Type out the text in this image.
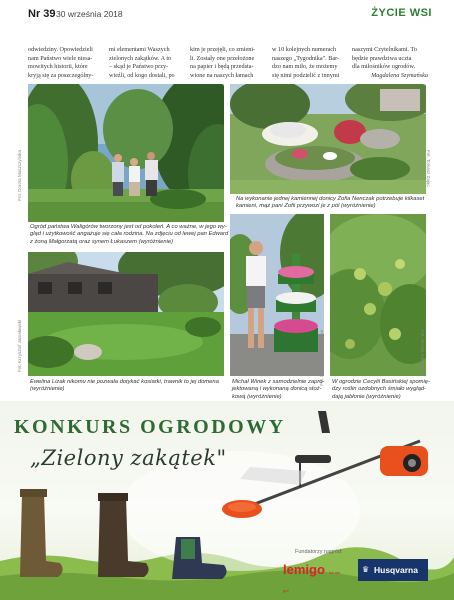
Nr 39 30 września 2018	ŻYCIE WSI
odwiedziny. Opowiedzieli
nam Państwo wiele niesa-
mowitych historii, które
kryją się za poszczególny-
mi elementami Waszych
zielonych zakątków. A to
– skąd je Państwo przy-
wieźli, od kogo dostali, po
kim je przejęli, co zmieni-
li. Zostały one przełożone
na papier i będą przedsta-
wione na naszych łamach
w 10 kolejnych numerach
naszego „Tygodnika". Bar-
dzo nam miło, że możemy
się nimi podzielić z innymi
naszymi Czytelnikami. To
będzie prawdziwa uczta
dla miłośników ogrodów.
Magdalena Szymańska
Fot. Dorota Maszczyńska
Ogród państwa Waligórów tworzony jest od pokoleń. A co ważne, w jego wy-
gląd i użytkowość angażuje się cała rodzina. Na zdjęciu od lewej pan Edward
z żoną Małgorzatą oraz synem Łukaszem (wyróżnienie)
Fot. Tomasz Zając
Na wykonanie jednej kamiennej donicy Zofia Nenczak potrzebuje kilkaset
kamieni, mąż pani Zofii przywozi je z pól (wyróżnienie)
Fot. Krzysztof Jarosławski
Ewelina Lizak nikomu nie pozwala dotykać kosiarki, trawnik to jej domena
(wyróżnienie)
Fot. Magdalena Szymańska
Michał Winek z samodzielnie zapro-
jektowaną i wykonaną donicą stoż-
kową (wyróżnienie)
Fot. Dorota Kotłowska
W ogrodzie Cecylii Basińskiej spomię-
dzy roślin ozdobnych śmiało wygląd-
dają jabłonie (wyróżnienie)
KONKURS OGRODOWY
„Zielony zakątek"
Fundatorzy nagród:
lemigo let me go!
♛ Husqvarna
